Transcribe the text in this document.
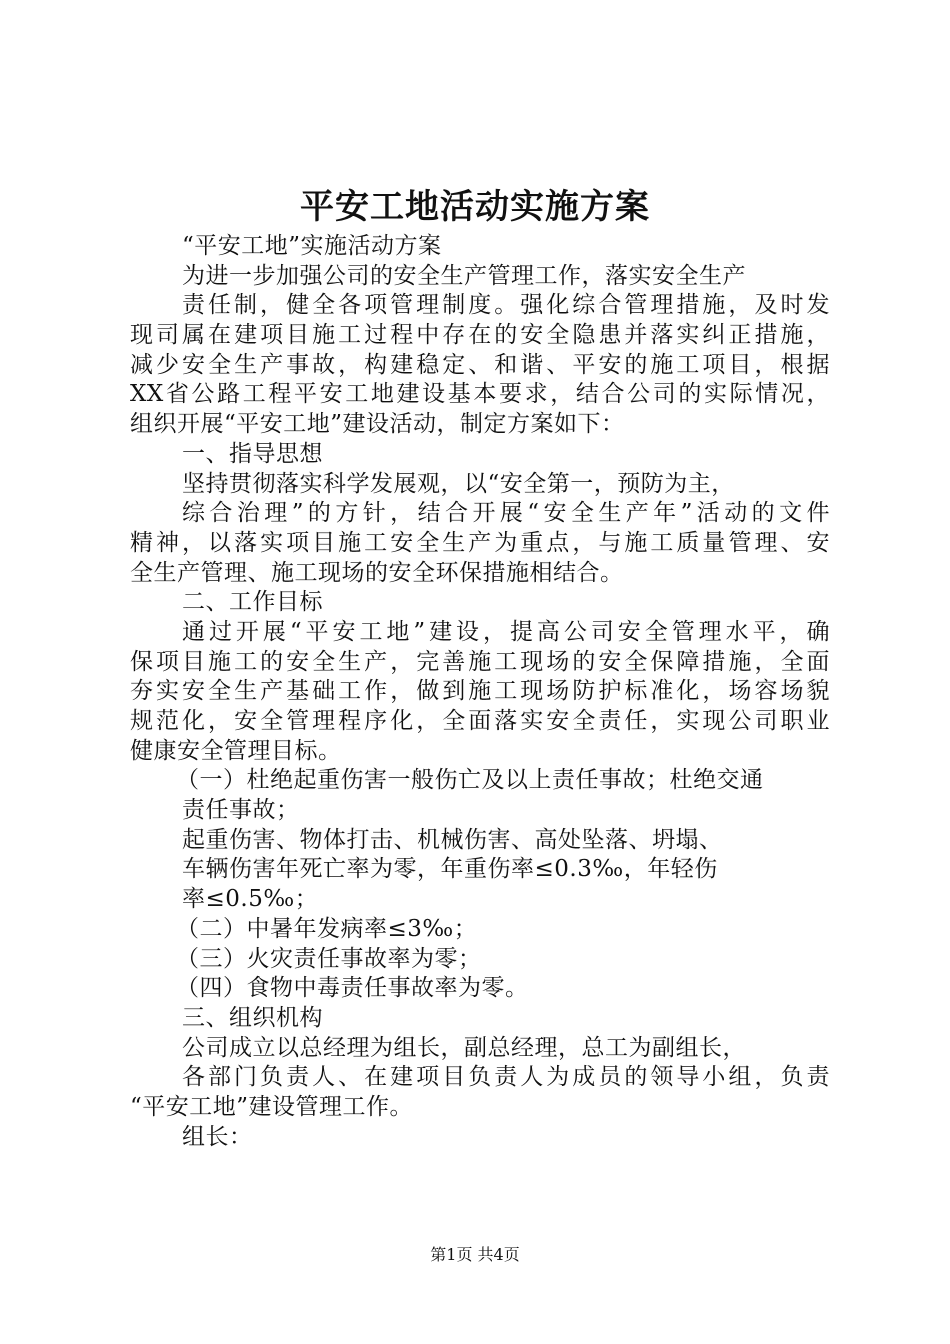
平安工地活动实施方案
“平安工地”实施活动方案
为进一步加强公司的安全生产管理工作，落实安全生产
责任制，健全各项管理制度。强化综合管理措施，及时发
现司属在建项目施工过程中存在的安全隐患并落实纠正措施，
减少安全生产事故，构建稳定、和谐、平安的施工项目，根据
XX省公路工程平安工地建设基本要求，结合公司的实际情况，
组织开展“平安工地”建设活动，制定方案如下：
一、指导思想
坚持贯彻落实科学发展观，以“安全第一，预防为主，
综合治理”的方针，结合开展“安全生产年”活动的文件
精神，以落实项目施工安全生产为重点，与施工质量管理、安
全生产管理、施工现场的安全环保措施相结合。
二、工作目标
通过开展“平安工地”建设，提高公司安全管理水平，确
保项目施工的安全生产，完善施工现场的安全保障措施，全面
夯实安全生产基础工作，做到施工现场防护标准化，场容场貌
规范化，安全管理程序化，全面落实安全责任，实现公司职业
健康安全管理目标。
（一）杜绝起重伤害一般伤亡及以上责任事故；杜绝交通
责任事故；
起重伤害、物体打击、机械伤害、高处坠落、坍塌、
车辆伤害年死亡率为零，年重伤率≤0.3‰，年轻伤
率≤0.5‰；
（二）中暑年发病率≤3‰；
（三）火灾责任事故率为零；
（四）食物中毒责任事故率为零。
三、组织机构
公司成立以总经理为组长，副总经理，总工为副组长，
各部门负责人、在建项目负责人为成员的领导小组，负责
“平安工地”建设管理工作。
组长：
第1页 共4页
